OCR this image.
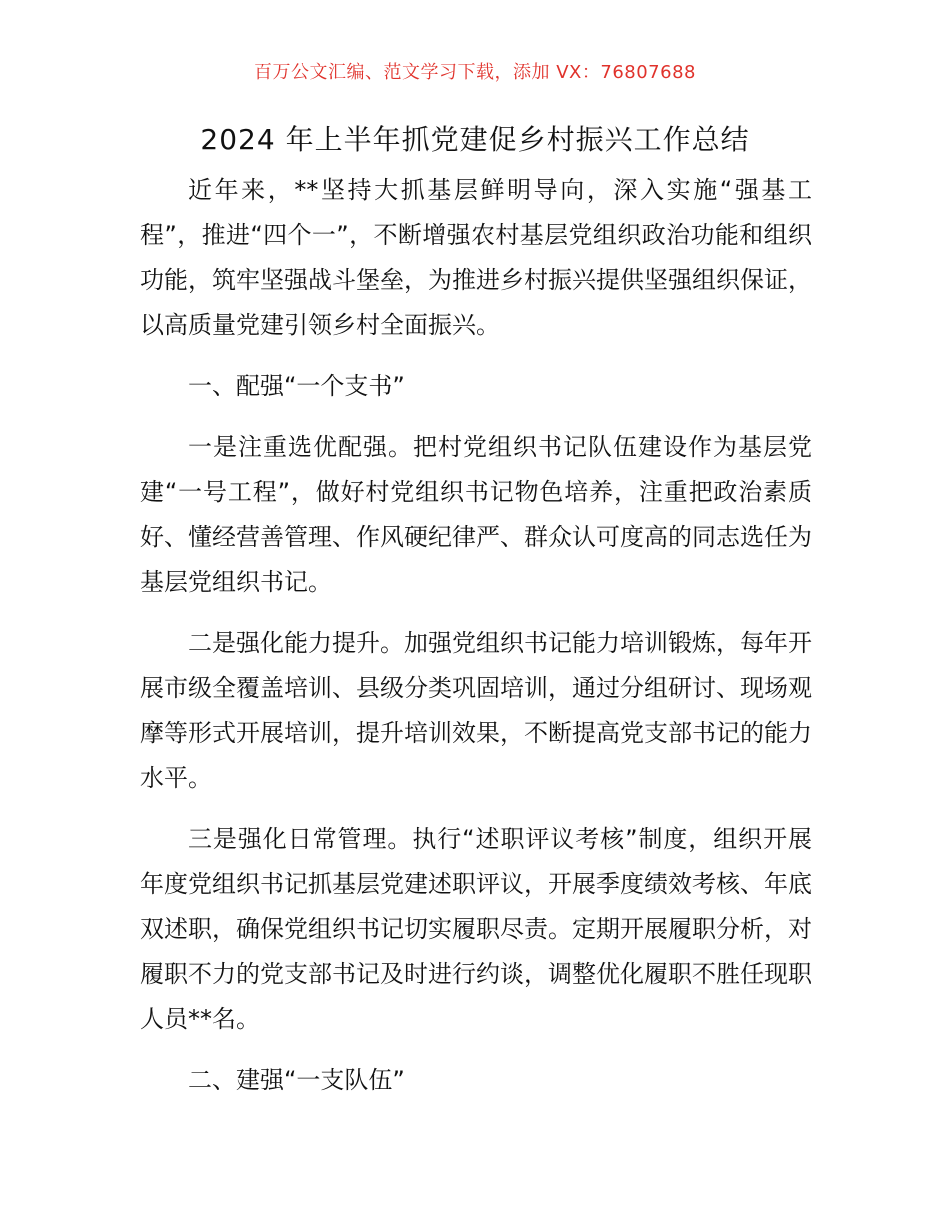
百万公文汇编、范文学习下载，添加 VX：76807688
2024 年上半年抓党建促乡村振兴工作总结

近年来，**坚持大抓基层鲜明导向，深入实施“强基工程”，推进“四个一”，不断增强农村基层党组织政治功能和组织功能，筑牢坚强战斗堡垒，为推进乡村振兴提供坚强组织保证，以高质量党建引领乡村全面振兴。

一、配强“一个支书”

一是注重选优配强。把村党组织书记队伍建设作为基层党建“一号工程”，做好村党组织书记物色培养，注重把政治素质好、懂经营善管理、作风硬纪律严、群众认可度高的同志选任为基层党组织书记。

二是强化能力提升。加强党组织书记能力培训锻炼，每年开展市级全覆盖培训、县级分类巩固培训，通过分组研讨、现场观摩等形式开展培训，提升培训效果，不断提高党支部书记的能力水平。

三是强化日常管理。执行“述职评议考核”制度，组织开展年度党组织书记抓基层党建述职评议，开展季度绩效考核、年底双述职，确保党组织书记切实履职尽责。定期开展履职分析，对履职不力的党支部书记及时进行约谈，调整优化履职不胜任现职人员**名。

二、建强“一支队伍”
